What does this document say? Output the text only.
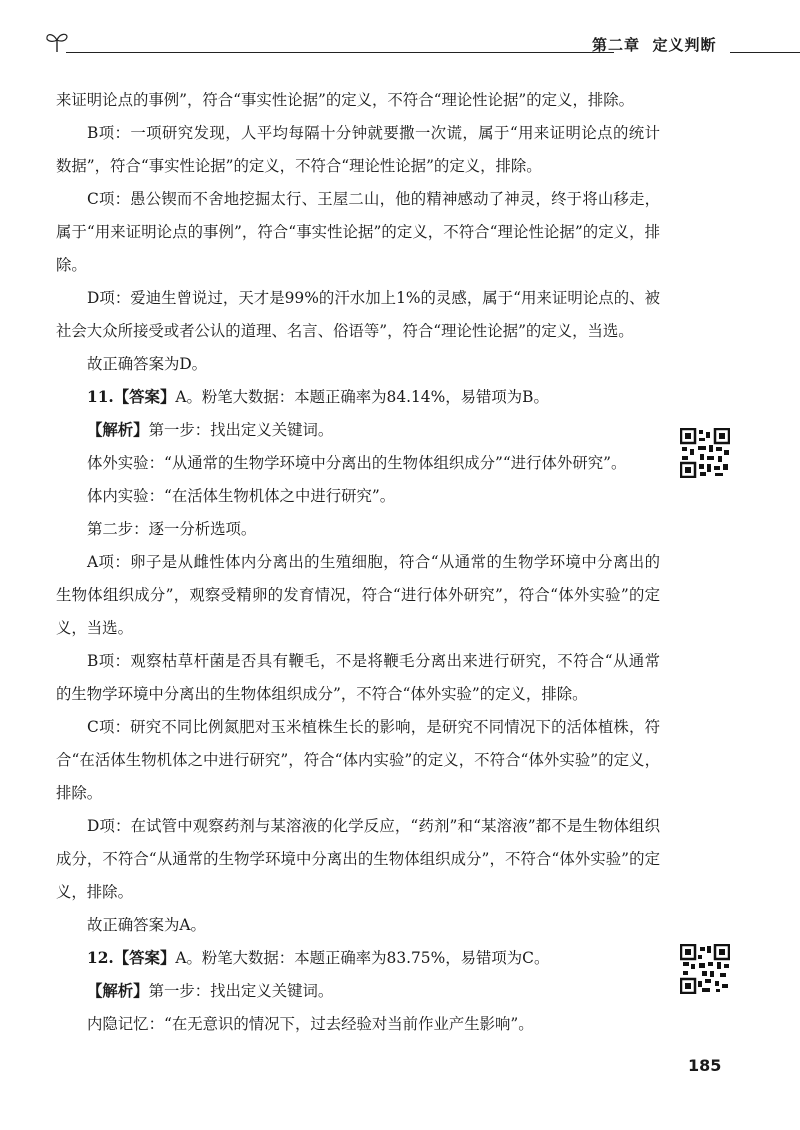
第二章 定义判断

来证明论点的事例”，符合“事实性论据”的定义，不符合“理论性论据”的定义，排除。

B项：一项研究发现，人平均每隔十分钟就要撒一次谎，属于“用来证明论点的统计数据”，符合“事实性论据”的定义，不符合“理论性论据”的定义，排除。

C项：愚公锲而不舍地挖掘太行、王屋二山，他的精神感动了神灵，终于将山移走，属于“用来证明论点的事例”，符合“事实性论据”的定义，不符合“理论性论据”的定义，排除。

D项：爱迪生曾说过，天才是99%的汗水加上1%的灵感，属于“用来证明论点的、被社会大众所接受或者公认的道理、名言、俗语等”，符合“理论性论据”的定义，当选。

故正确答案为D。

11.【答案】A。粉笔大数据：本题正确率为84.14%，易错项为B。

【解析】第一步：找出定义关键词。

体外实验：“从通常的生物学环境中分离出的生物体组织成分”“进行体外研究”。

体内实验：“在活体生物机体之中进行研究”。

第二步：逐一分析选项。

A项：卵子是从雌性体内分离出的生殖细胞，符合“从通常的生物学环境中分离出的生物体组织成分”，观察受精卵的发育情况，符合“进行体外研究”，符合“体外实验”的定义，当选。

B项：观察枯草杆菌是否具有鞭毛，不是将鞭毛分离出来进行研究，不符合“从通常的生物学环境中分离出的生物体组织成分”，不符合“体外实验”的定义，排除。

C项：研究不同比例氮肥对玉米植株生长的影响，是研究不同情况下的活体植株，符合“在活体生物机体之中进行研究”，符合“体内实验”的定义，不符合“体外实验”的定义，排除。

D项：在试管中观察药剂与某溶液的化学反应，“药剂”和“某溶液”都不是生物体组织成分，不符合“从通常的生物学环境中分离出的生物体组织成分”，不符合“体外实验”的定义，排除。

故正确答案为A。

12.【答案】A。粉笔大数据：本题正确率为83.75%，易错项为C。

【解析】第一步：找出定义关键词。

内隐记忆：“在无意识的情况下，过去经验对当前作业产生影响”。

185
